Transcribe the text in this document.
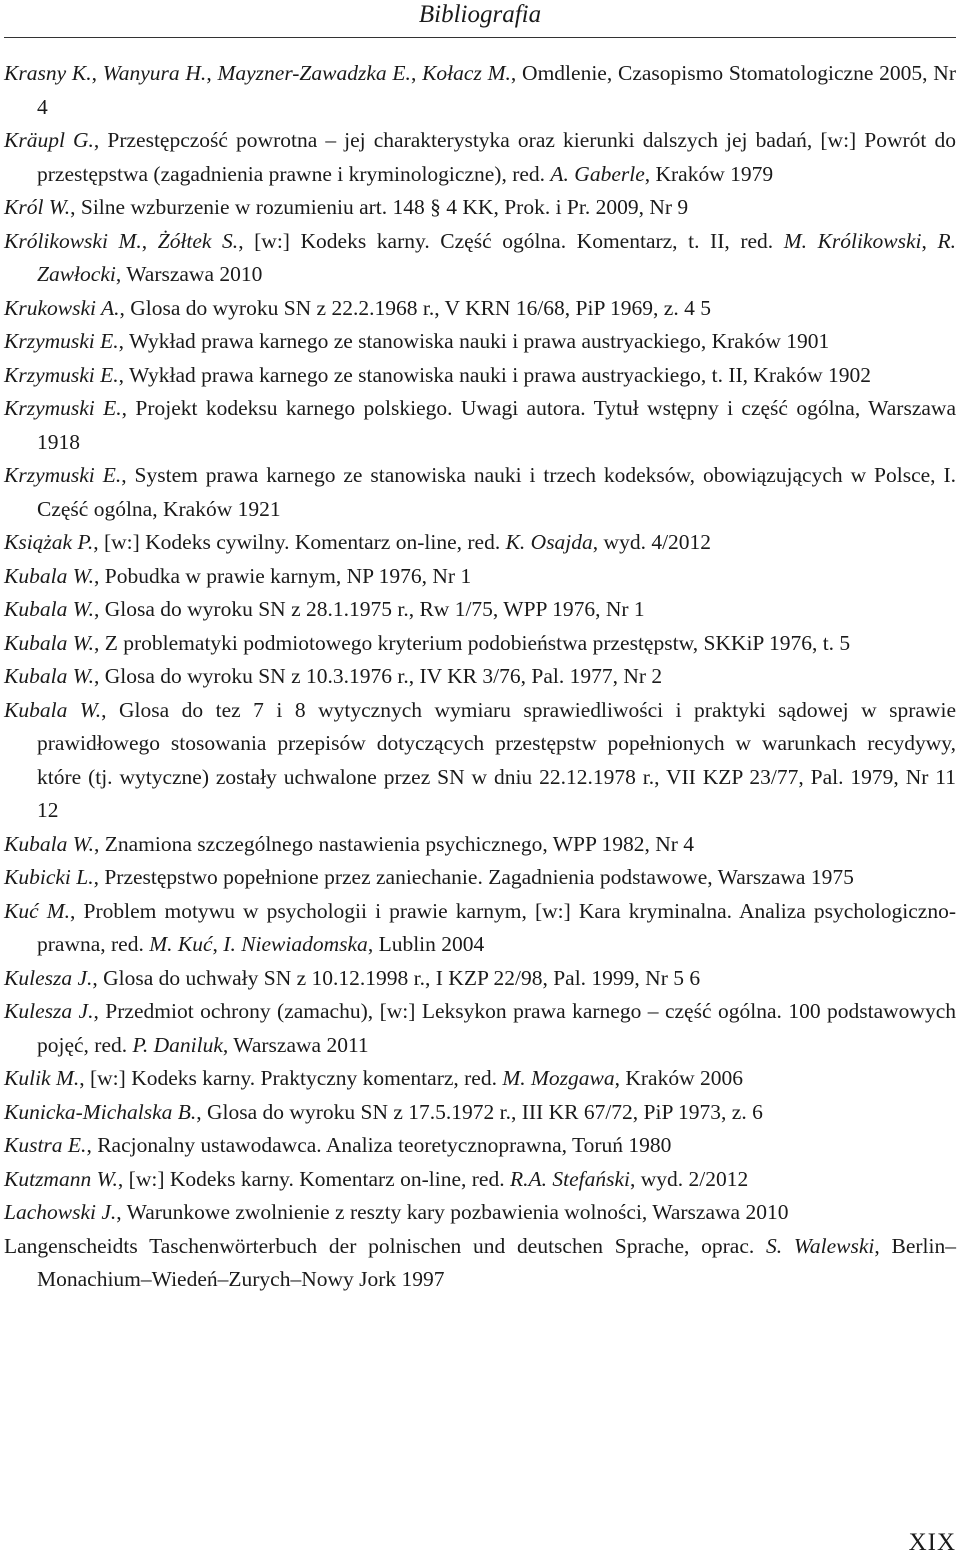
Bibliografia
Krasny K., Wanyura H., Mayzner-Zawadzka E., Kołacz M., Omdlenie, Czasopismo Stomatologiczne 2005, Nr 4
Kräupl G., Przestępczość powrotna – jej charakterystyka oraz kierunki dalszych jej badań, [w:] Powrót do przestępstwa (zagadnienia prawne i kryminologiczne), red. A. Gaberle, Kraków 1979
Król W., Silne wzburzenie w rozumieniu art. 148 § 4 KK, Prok. i Pr. 2009, Nr 9
Królikowski M., Żółtek S., [w:] Kodeks karny. Część ogólna. Komentarz, t. II, red. M. Królikowski, R. Zawłocki, Warszawa 2010
Krukowski A., Glosa do wyroku SN z 22.2.1968 r., V KRN 16/68, PiP 1969, z. 4 5
Krzymuski E., Wykład prawa karnego ze stanowiska nauki i prawa austryackiego, Kraków 1901
Krzymuski E., Wykład prawa karnego ze stanowiska nauki i prawa austryackiego, t. II, Kraków 1902
Krzymuski E., Projekt kodeksu karnego polskiego. Uwagi autora. Tytuł wstępny i część ogólna, Warszawa 1918
Krzymuski E., System prawa karnego ze stanowiska nauki i trzech kodeksów, obowiązujących w Polsce, I. Część ogólna, Kraków 1921
Książak P., [w:] Kodeks cywilny. Komentarz on-line, red. K. Osajda, wyd. 4/2012
Kubala W., Pobudka w prawie karnym, NP 1976, Nr 1
Kubala W., Glosa do wyroku SN z 28.1.1975 r., Rw 1/75, WPP 1976, Nr 1
Kubala W., Z problematyki podmiotowego kryterium podobieństwa przestępstw, SKKiP 1976, t. 5
Kubala W., Glosa do wyroku SN z 10.3.1976 r., IV KR 3/76, Pal. 1977, Nr 2
Kubala W., Glosa do tez 7 i 8 wytycznych wymiaru sprawiedliwości i praktyki sądowej w sprawie prawidłowego stosowania przepisów dotyczących przestępstw popełnionych w warunkach recydywy, które (tj. wytyczne) zostały uchwalone przez SN w dniu 22.12.1978 r., VII KZP 23/77, Pal. 1979, Nr 11 12
Kubala W., Znamiona szczególnego nastawienia psychicznego, WPP 1982, Nr 4
Kubicki L., Przestępstwo popełnione przez zaniechanie. Zagadnienia podstawowe, Warszawa 1975
Kuć M., Problem motywu w psychologii i prawie karnym, [w:] Kara kryminalna. Analiza psychologiczno-prawna, red. M. Kuć, I. Niewiadomska, Lublin 2004
Kulesza J., Glosa do uchwały SN z 10.12.1998 r., I KZP 22/98, Pal. 1999, Nr 5 6
Kulesza J., Przedmiot ochrony (zamachu), [w:] Leksykon prawa karnego – część ogólna. 100 podstawowych pojęć, red. P. Daniluk, Warszawa 2011
Kulik M., [w:] Kodeks karny. Praktyczny komentarz, red. M. Mozgawa, Kraków 2006
Kunicka-Michalska B., Glosa do wyroku SN z 17.5.1972 r., III KR 67/72, PiP 1973, z. 6
Kustra E., Racjonalny ustawodawca. Analiza teoretycznoprawna, Toruń 1980
Kutzmann W., [w:] Kodeks karny. Komentarz on-line, red. R.A. Stefański, wyd. 2/2012
Lachowski J., Warunkowe zwolnienie z reszty kary pozbawienia wolności, Warszawa 2010
Langenscheidts Taschenwörterbuch der polnischen und deutschen Sprache, oprac. S. Walewski, Berlin–Monachium–Wiedeń–Zurych–Nowy Jork 1997
XIX
